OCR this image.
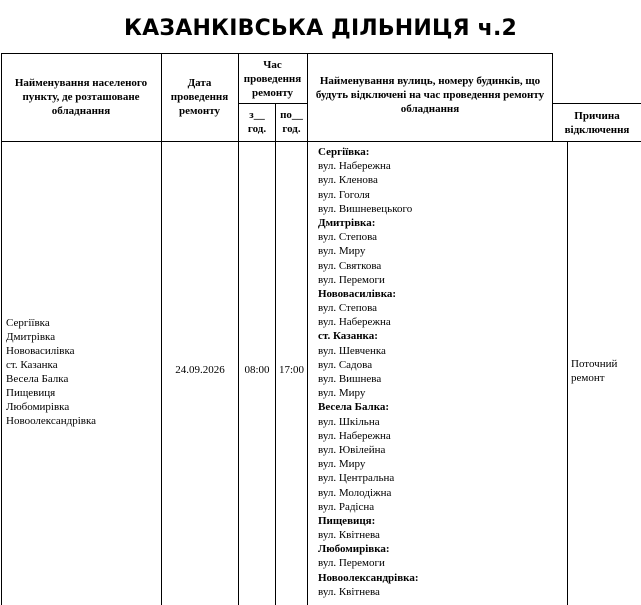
КАЗАНКІВСЬКА ДІЛЬНИЦЯ ч.2
Найменування населеного пункту, де розташоване обладнання
Дата проведення ремонту
Час проведення ремонту
з__ год.
по__ год.
Найменування вулиць, номеру будинків, що будуть відключені на час проведення ремонту обладнання
Причина відключення
Сергіївка
Дмитрівка
Нововасилівка
ст. Казанка
Весела Балка
Пищевиця
Любомирівка
Новоолександрівка
24.09.2026	08:00 17:00	Поточний ремонт
Сергіївка:
вул. Набережна
вул. Кленова
вул. Гоголя
вул. Вишневецького
Дмитрівка:
вул. Степова
вул. Миру
вул. Святкова
вул. Перемоги
Нововасилівка:
вул. Степова
вул. Набережна
ст. Казанка:
вул. Шевченка
вул. Садова
вул. Вишнева
вул. Миру
Весела Балка:
вул. Шкільна
вул. Набережна
вул. Ювілейна
вул. Миру
вул. Центральна
вул. Молодіжна
вул. Радісна
Пищевиця:
вул. Квітнева
Любомирівка:
вул. Перемоги
Новоолександрівка:
вул. Квітнева
